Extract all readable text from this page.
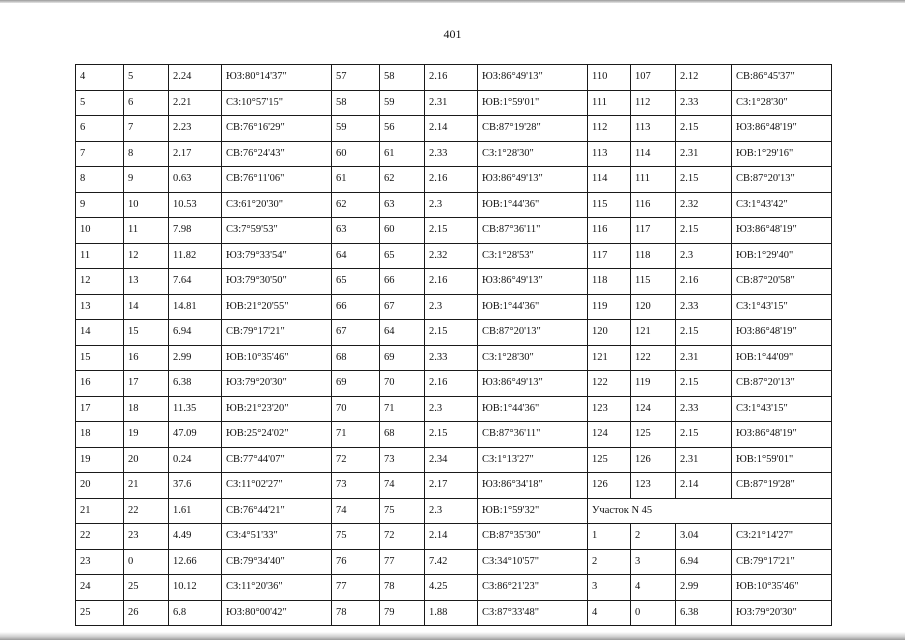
401
4	5	2.24	ЮЗ:80°14'37"	57	58	2.16	ЮЗ:86°49'13"	110	107	2.12	СВ:86°45'37"
5	6	2.21	СЗ:10°57'15"	58	59	2.31	ЮВ:1°59'01"	111	112	2.33	СЗ:1°28'30"
6	7	2.23	СВ:76°16'29"	59	56	2.14	СВ:87°19'28"	112	113	2.15	ЮЗ:86°48'19"
7	8	2.17	СВ:76°24'43"	60	61	2.33	СЗ:1°28'30"	113	114	2.31	ЮВ:1°29'16"
8	9	0.63	СВ:76°11'06"	61	62	2.16	ЮЗ:86°49'13"	114	111	2.15	СВ:87°20'13"
9	10	10.53	СЗ:61°20'30"	62	63	2.3	ЮВ:1°44'36"	115	116	2.32	СЗ:1°43'42"
10	11	7.98	СЗ:7°59'53"	63	60	2.15	СВ:87°36'11"	116	117	2.15	ЮЗ:86°48'19"
11	12	11.82	ЮЗ:79°33'54"	64	65	2.32	СЗ:1°28'53"	117	118	2.3	ЮВ:1°29'40"
12	13	7.64	ЮЗ:79°30'50"	65	66	2.16	ЮЗ:86°49'13"	118	115	2.16	СВ:87°20'58"
13	14	14.81	ЮВ:21°20'55"	66	67	2.3	ЮВ:1°44'36"	119	120	2.33	СЗ:1°43'15"
14	15	6.94	СВ:79°17'21"	67	64	2.15	СВ:87°20'13"	120	121	2.15	ЮЗ:86°48'19"
15	16	2.99	ЮВ:10°35'46"	68	69	2.33	СЗ:1°28'30"	121	122	2.31	ЮВ:1°44'09"
16	17	6.38	ЮЗ:79°20'30"	69	70	2.16	ЮЗ:86°49'13"	122	119	2.15	СВ:87°20'13"
17	18	11.35	ЮВ:21°23'20"	70	71	2.3	ЮВ:1°44'36"	123	124	2.33	СЗ:1°43'15"
18	19	47.09	ЮВ:25°24'02"	71	68	2.15	СВ:87°36'11"	124	125	2.15	ЮЗ:86°48'19"
19	20	0.24	СВ:77°44'07"	72	73	2.34	СЗ:1°13'27"	125	126	2.31	ЮВ:1°59'01"
20	21	37.6	СЗ:11°02'27"	73	74	2.17	ЮЗ:86°34'18"	126	123	2.14	СВ:87°19'28"
21	22	1.61	СВ:76°44'21"	74	75	2.3	ЮВ:1°59'32"	Участок N 45			
22	23	4.49	СЗ:4°51'33"	75	72	2.14	СВ:87°35'30"	1	2	3.04	СЗ:21°14'27"
23	0	12.66	СВ:79°34'40"	76	77	7.42	СЗ:34°10'57"	2	3	6.94	СВ:79°17'21"
24	25	10.12	СЗ:11°20'36"	77	78	4.25	СЗ:86°21'23"	3	4	2.99	ЮВ:10°35'46"
25	26	6.8	ЮЗ:80°00'42"	78	79	1.88	СЗ:87°33'48"	4	0	6.38	ЮЗ:79°20'30"
